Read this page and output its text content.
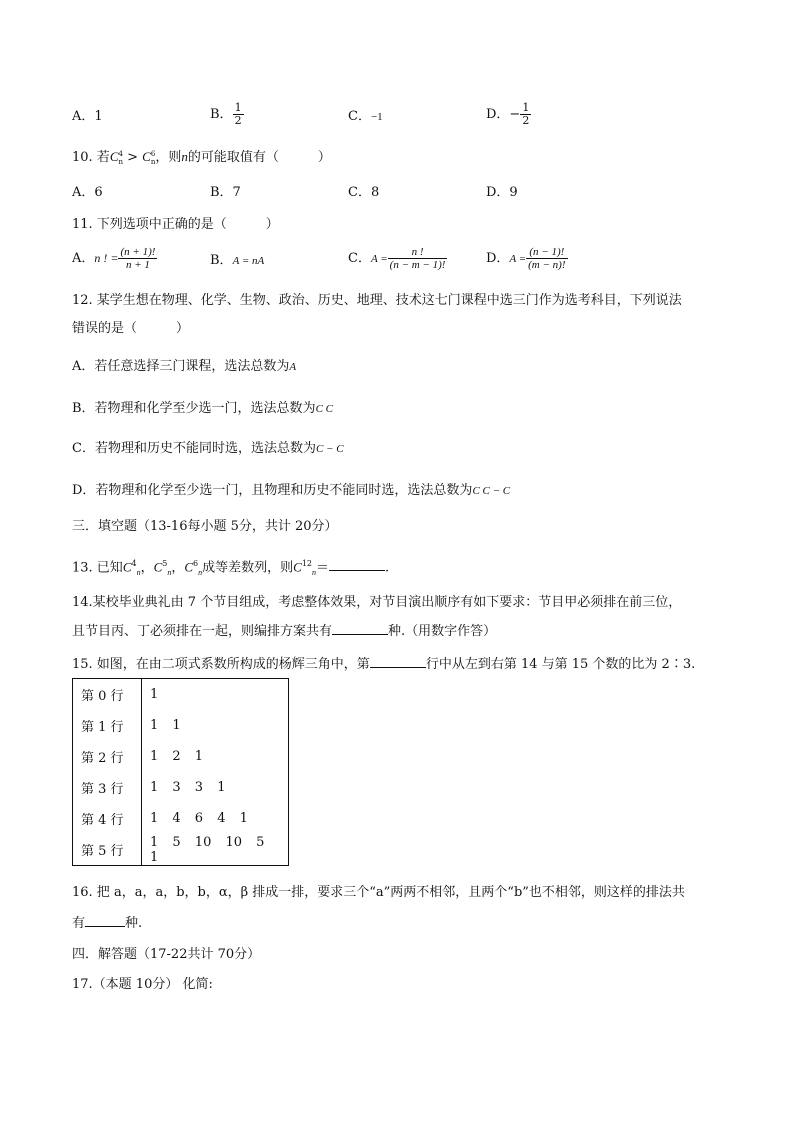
A．1	B． $\frac{1}{2}$	C．−1	D．− $\frac{1}{2}$
10. 若C 4
n > C 6
n ，则n的可能取值有（　　　）
A．6	B．7	C．8	D．9
11. 下列选项中正确的是（　　　）
A．n ! = $\frac{(n + 1)!}{n + 1}$	B．A = nA	C．$A = \frac{n !}{(n - m - 1)!}$	D．$A = \frac{(n - 1)!}{(m - n)!}$
12. 某学生想在物理、化学、生物、政治、历史、地理、技术这七门课程中选三门作为选考科目，下列说法
错误的是（　　　）
A．若任意选择三门课程，选法总数为A
B．若物理和化学至少选一门，选法总数为C C
C．若物理和历史不能同时选，选法总数为C − C
D．若物理和化学至少选一门，且物理和历史不能同时选，选法总数为C C − C
三．填空题（13-16每小题 5分，共计 20分）
13. 已知$C^4_n$，$C^5_n$，$C^6_n$成等差数列，则$C^{12}_n=$	.
14.某校毕业典礼由 7 个节目组成，考虑整体效果，对节目演出顺序有如下要求：节目甲必须排在前三位，
且节目丙、丁必须排在一起，则编排方案共有	种.（用数字作答）
15. 如图，在由二项式系数所构成的杨辉三角中，第	行中从左到右第 14 与第 15 个数的比为 2∶3.
第 0 行	1
第 1 行	1 1
第 2 行	1 2 1
第 3 行	1 3 3 1
第 4 行	1 4 6 4 1
第 5 行	1 5 10 10 5 1
16. 把 a，a，a，b，b，α，β 排成一排，要求三个“a”两两不相邻，且两个“b”也不相邻，则这样的排法共
有	种.
四．解答题（17-22共计 70分）
17.（本题 10分） 化简:
